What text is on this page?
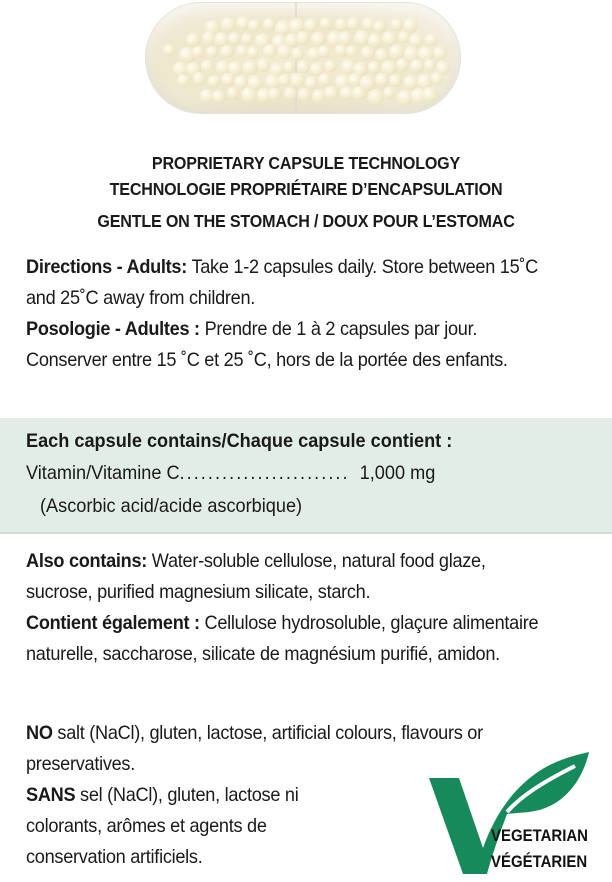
PROPRIETARY CAPSULE TECHNOLOGY
TECHNOLOGIE PROPRIÉTAIRE D’ENCAPSULATION
GENTLE ON THE STOMACH / DOUX POUR L’ESTOMAC
Directions - Adults: Take 1-2 capsules daily. Store between 15˚C and 25˚C away from children.
Posologie - Adultes : Prendre de 1 à 2 capsules par jour. Conserver entre 15 ˚C et 25 ˚C, hors de la portée des enfants.
Each capsule contains/Chaque capsule contient :
Vitamin/Vitamine C........................ 1,000 mg
(Ascorbic acid/acide ascorbique)
Also contains: Water-soluble cellulose, natural food glaze, sucrose, purified magnesium silicate, starch.
Contient également : Cellulose hydrosoluble, glaçure alimentaire naturelle, saccharose, silicate de magnésium purifié, amidon.
NO salt (NaCl), gluten, lactose, artificial colours, flavours or preservatives.
SANS sel (NaCl), gluten, lactose ni
colorants, arômes et agents de
conservation artificiels.
VEGETARIAN
VÉGÉTARIEN
